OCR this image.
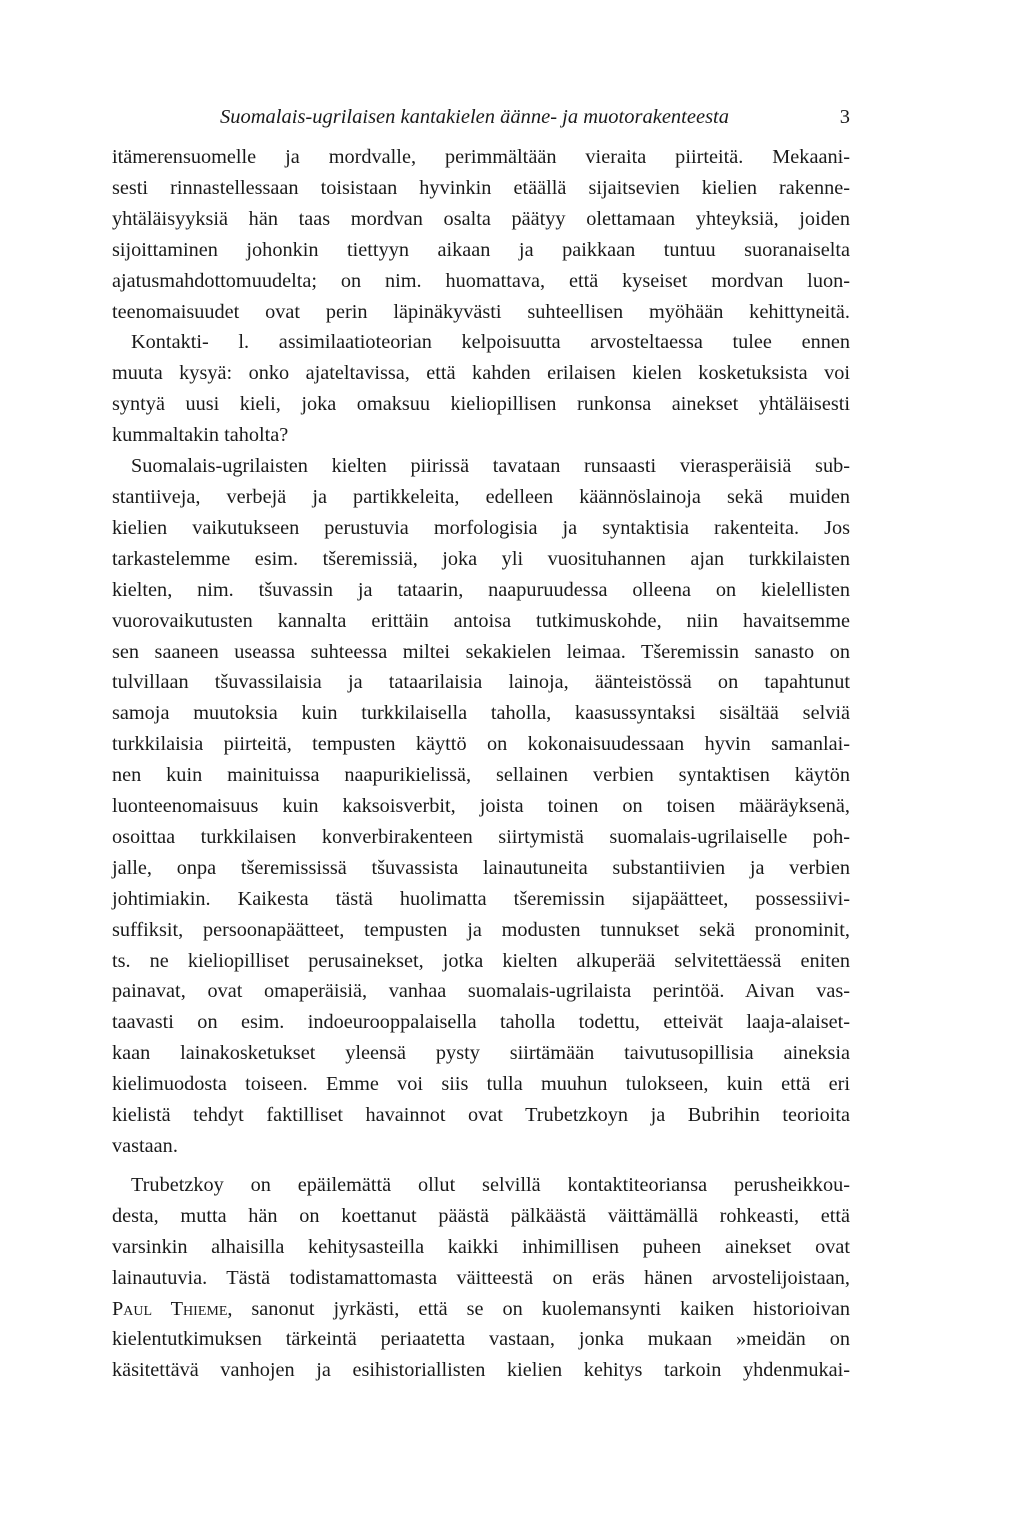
Suomalais-ugrilaisen kantakielen äänne- ja muotorakenteesta	3

itämerensuomelle ja mordvalle, perimmältään vieraita piirteitä. Mekaani-
sesti rinnastellessaan toisistaan hyvinkin etäällä sijaitsevien kielien rakenne-
yhtäläisyyksiä hän taas mordvan osalta päätyy olettamaan yhteyksiä, joiden
sijoittaminen johonkin tiettyyn aikaan ja paikkaan tuntuu suoranaiselta
ajatusmahdottomuudelta; on nim. huomattava, että kyseiset mordvan luon-
teenomaisuudet ovat perin läpinäkyvästi suhteellisen myöhään kehittyneitä.
Kontakti- l. assimilaatioteorian kelpoisuutta arvosteltaessa tulee ennen
muuta kysyä: onko ajateltavissa, että kahden erilaisen kielen kosketuksista voi
syntyä uusi kieli, joka omaksuu kieliopillisen runkonsa ainekset yhtäläisesti
kummaltakin taholta?

Suomalais-ugrilaisten kielten piirissä tavataan runsaasti vierasperäisiä sub-
stantiiveja, verbejä ja partikkeleita, edelleen käännöslainoja sekä muiden
kielien vaikutukseen perustuvia morfologisia ja syntaktisia rakenteita. Jos
tarkastelemme esim. tšeremissiä, joka yli vuosituhannen ajan turkkilaisten
kielten, nim. tšuvassin ja tataarin, naapuruudessa olleena on kielellisten
vuorovaikutusten kannalta erittäin antoisa tutkimuskohde, niin havaitsemme
sen saaneen useassa suhteessa miltei sekakielen leimaa. Tšeremissin sanasto on
tulvillaan tšuvassilaisia ja tataarilaisia lainoja, äänteistössä on tapahtunut
samoja muutoksia kuin turkkilaisella taholla, kaasussyntaksi sisältää selviä
turkkilaisia piirteitä, tempusten käyttö on kokonaisuudessaan hyvin samanlai-
nen kuin mainituissa naapurikielissä, sellainen verbien syntaktisen käytön
luonteenomaisuus kuin kaksoisverbit, joista toinen on toisen määräyksenä,
osoittaa turkkilaisen konverbirakenteen siirtymistä suomalais-ugrilaiselle poh-
jalle, onpa tšeremississä tšuvassista lainautuneita substantiivien ja verbien
johtimiakin. Kaikesta tästä huolimatta tšeremissin sijapäätteet, possessiivi-
suffiksit, persoonapäätteet, tempusten ja modusten tunnukset sekä pronominit,
ts. ne kieliopilliset perusainekset, jotka kielten alkuperää selvitettäessä eniten
painavat, ovat omaperäisiä, vanhaa suomalais-ugrilaista perintöä. Aivan vas-
taavasti on esim. indoeurooppalaisella taholla todettu, etteivät laaja-alaiset-
kaan lainakosketukset yleensä pysty siirtämään taivutusopillisia aineksia
kielimuodosta toiseen. Emme voi siis tulla muuhun tulokseen, kuin että eri
kielistä tehdyt faktilliset havainnot ovat Trubetzkoyn ja Bubrihin teorioita
vastaan.

Trubetzkoy on epäilemättä ollut selvillä kontaktiteoriansa perusheikkou-
desta, mutta hän on koettanut päästä pälkäästä väittämällä rohkeasti, että
varsinkin alhaisilla kehitysasteilla kaikki inhimillisen puheen ainekset ovat
lainautuvia. Tästä todistamattomasta väitteestä on eräs hänen arvostelijoistaan,
Paul Thieme, sanonut jyrkästi, että se on kuolemansynti kaiken historioivan
kielentutkimuksen tärkeintä periaatetta vastaan, jonka mukaan »meidän on
käsitettävä vanhojen ja esihistoriallisten kielien kehitys tarkoin yhdenmukai-
